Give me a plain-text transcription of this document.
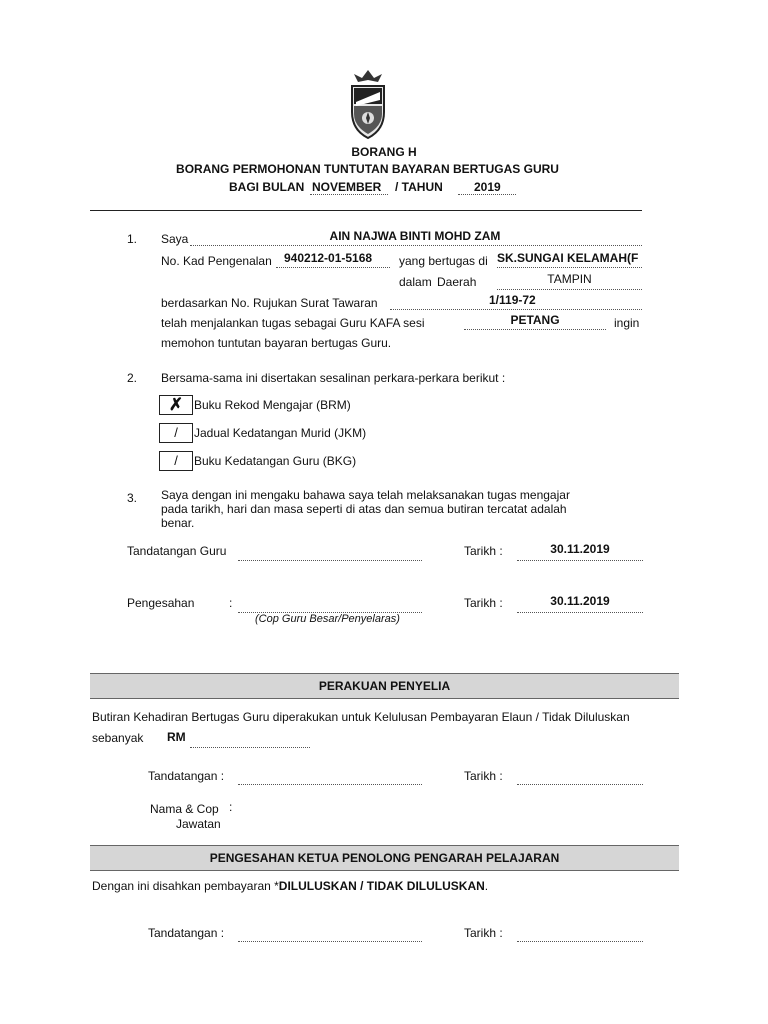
BORANG H
BORANG PERMOHONAN TUNTUTAN BAYARAN BERTUGAS GURU
BAGI BULAN NOVEMBER / TAHUN	2019
1. Saya	AIN NAJWA BINTI MOHD ZAM
No. Kad Pengenalan 940212-01-5168 yang bertugas di SK.SUNGAI KELAMAH(F
dalam Daerah	TAMPIN
berdasarkan No. Rujukan Surat Tawaran	1/119-72
telah menjalankan tugas sebagai Guru KAFA sesi	PETANG	ingin
memohon tuntutan bayaran bertugas Guru.
2. Bersama-sama ini disertakan sesalinan perkara-perkara berikut :
✗ Buku Rekod Mengajar (BRM)
/	Jadual Kedatangan Murid (JKM)
/	Buku Kedatangan Guru (BKG)
3. Saya dengan ini mengaku bahawa saya telah melaksanakan tugas mengajar
pada tarikh, hari dan masa seperti di atas dan semua butiran tercatat adalah
benar.
Tandatangan Guru	Tarikh :	30.11.2019
Pengesahan	:	Tarikh :	30.11.2019
(Cop Guru Besar/Penyelaras)
PERAKUAN PENYELIA
Butiran Kehadiran Bertugas Guru diperakukan untuk Kelulusan Pembayaran Elaun / Tidak Diluluskan
sebanyak RM
Tandatangan :	Tarikh :
Nama & Cop :
Jawatan
PENGESAHAN KETUA PENOLONG PENGARAH PELAJARAN
Dengan ini disahkan pembayaran *DILULUSKAN / TIDAK DILULUSKAN.
Tandatangan :	Tarikh :
